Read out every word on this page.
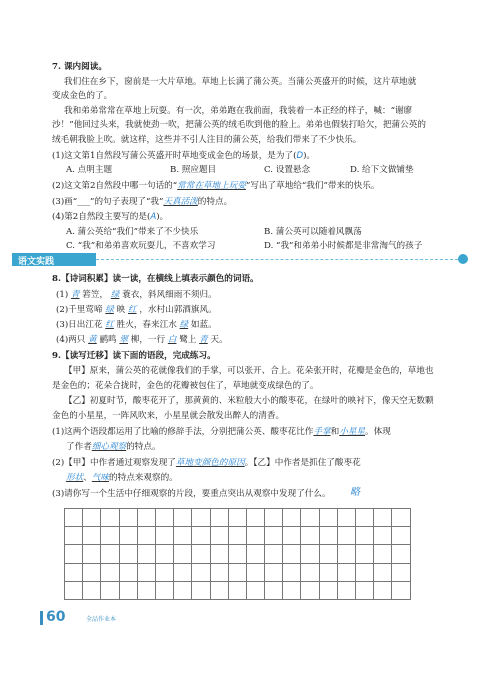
7. 课内阅读。
我们住在乡下，窗前是一大片草地。草地上长满了蒲公英。当蒲公英盛开的时候，这片草地就
变成金色的了。
我和弟弟常常在草地上玩耍。有一次，弟弟跑在我前面，我装着一本正经的样子，喊：“谢廖
沙！”他回过头来，我就使劲一吹，把蒲公英的绒毛吹到他的脸上。弟弟也假装打哈欠，把蒲公英的
绒毛朝我脸上吹。就这样，这些并不引人注目的蒲公英，给我们带来了不少快乐。
(1)这文第1自然段写蒲公英盛开时草地变成金色的场景，是为了(D)。
A. 点明主题	B. 照应题目	C. 设置悬念	D. 给下文做铺垫
(2)这文第2自然段中哪一句话的“常常在草地上玩耍”写出了草地给“我们”带来的快乐。
(3)画“___”的句子表现了“我”天真活泼的特点。
(4)第2自然段主要写的是(A)。
A. 蒲公英给“我们”带来了不少快乐	B. 蒲公英可以随着风飘荡
C. “我”和弟弟喜欢玩耍儿，不喜欢学习	D. “我”和弟弟小时候都是非常淘气的孩子
语文实践
8.【诗词积累】读一读，在横线上填表示颜色的词语。
(1) 青 箬笠， 绿 蓑衣，斜风细雨不须归。
(2)千里莺啼 绿 映 红 ，水村山郭酒旗风。
(3)日出江花 红 胜火，春来江水 绿 如蓝。
(4)两只 黄 鹂鸣 翠 柳，一行 白 鹭上 青 天。
9.【读写迁移】读下面的语段，完成练习。
【甲】原来，蒲公英的花就像我们的手掌，可以张开、合上。花朵张开时，花瓣是金色的，草地也
是金色的；花朵合拢时，金色的花瓣被包住了，草地就变成绿色的了。
【乙】初夏时节，酸枣花开了，那黄黄的、米粒般大小的酸枣花，在绿叶的映衬下，像天空无数颗
金色的小星星，一阵风吹来，小星星就会散发出醉人的清香。
(1)这两个语段都运用了比喻的修辞手法，分别把蒲公英、酸枣花比作手掌和小星星。体现
了作者细心观察的特点。
(2)【甲】中作者通过观察发现了草地变颜色的原因。【乙】中作者是抓住了酸枣花
形状、气味的特点来观察的。
(3)请你写一个生活中仔细观察的片段，要重点突出从观察中发现了什么。 略

60	全品作业本
